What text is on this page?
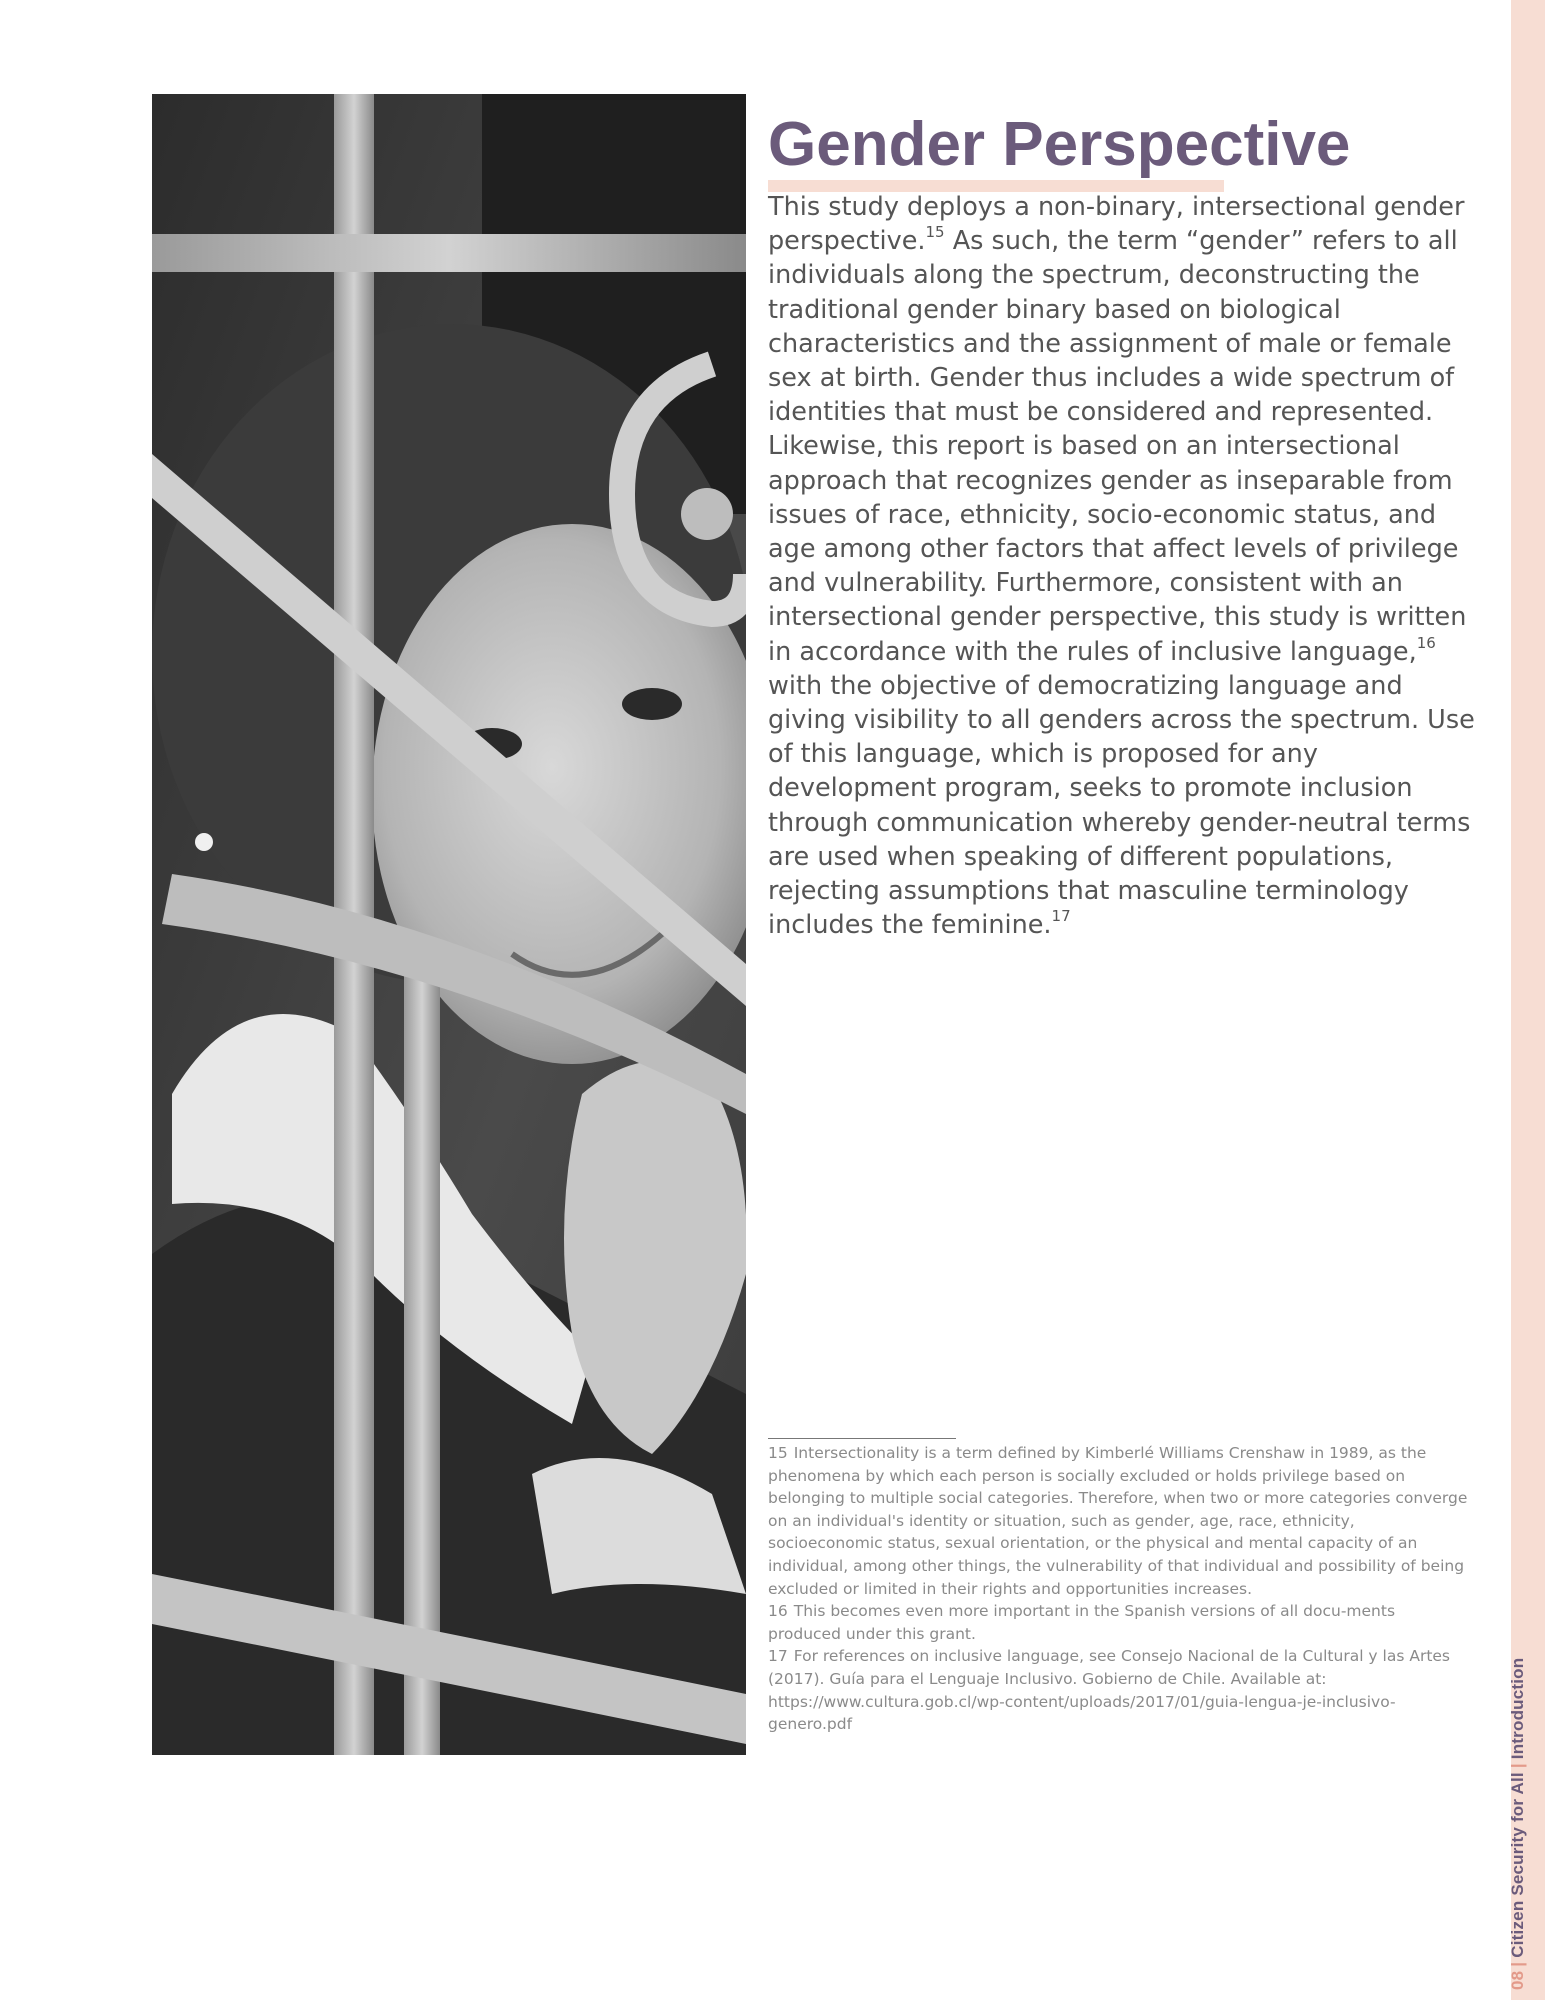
08|Citizen Security for All|Introduction
Gender Perspective

This study deploys a non-binary, intersectional gender perspective.$^{15}$ As such, the term “gender” refers to all individuals along the spectrum, deconstructing the traditional gender binary based on biological characteristics and the assignment of male or female sex at birth. Gender thus includes a wide spectrum of identities that must be considered and represented. Likewise, this report is based on an intersectional approach that recognizes gender as inseparable from issues of race, ethnicity, socio-economic status, and age among other factors that affect levels of privilege and vulnerability. Furthermore, consistent with an intersectional gender perspective, this study is written in accordance with the rules of inclusive language,$^{16}$ with the objective of democratizing language and giving visibility to all genders across the spectrum. Use of this language, which is proposed for any development program, seeks to promote inclusion through communication whereby gender-neutral terms are used when speaking of different populations, rejecting assumptions that masculine terminology includes the feminine.$^{17}$

15 Intersectionality is a term defined by Kimberlé Williams Crenshaw in 1989, as the phenomena by which each person is socially excluded or holds privilege based on belonging to multiple social categories. Therefore, when two or more categories converge on an individual's identity or situation, such as gender, age, race, ethnicity, socioeconomic status, sexual orientation, or the physical and mental capacity of an individual, among other things, the vulnerability of that individual and possibility of being excluded or limited in their rights and opportunities increases.

16 This becomes even more important in the Spanish versions of all docu-ments produced under this grant.

17 For references on inclusive language, see Consejo Nacional de la Cultural y las Artes (2017). Guía para el Lenguaje Inclusivo. Gobierno de Chile. Available at: https://www.cultura.gob.cl/wp-content/uploads/2017/01/guia-lengua-je-inclusivo-genero.pdf
